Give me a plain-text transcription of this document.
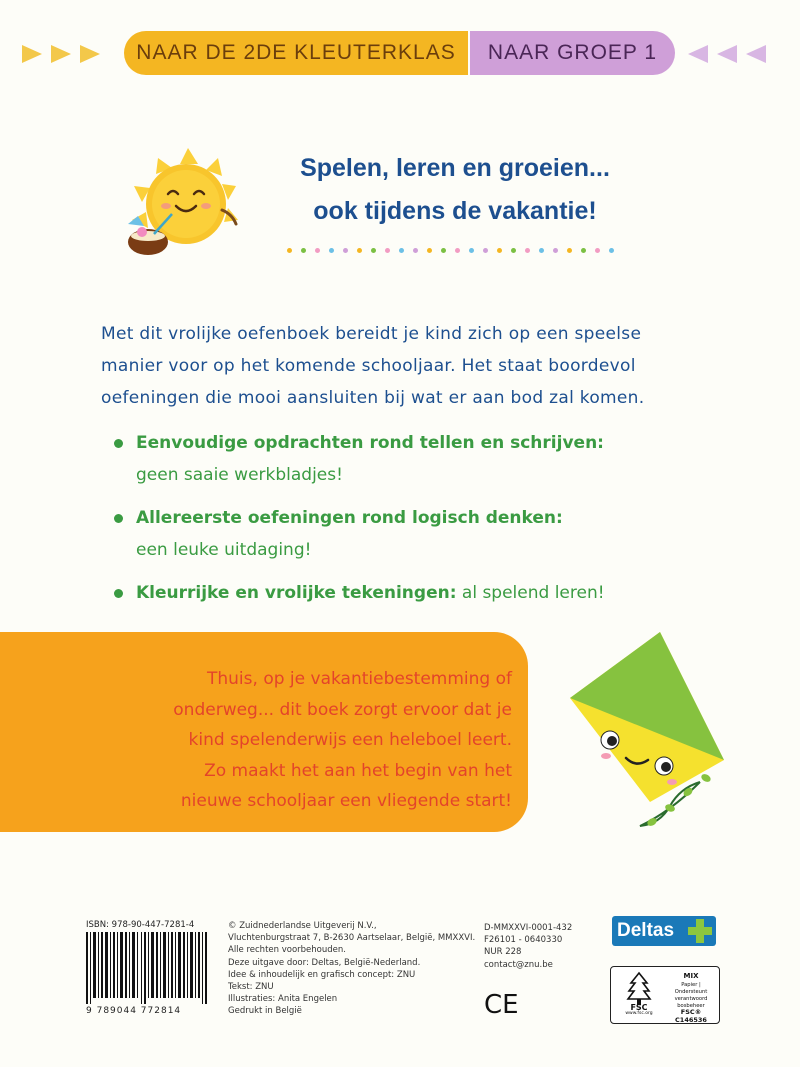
NAAR DE 2DE KLEUTERKLAS	NAAR GROEP 1
Spelen, leren en groeien...
ook tijdens de vakantie!
Met dit vrolijke oefenboek bereidt je kind zich op een speelse manier voor op het komende schooljaar. Het staat boordevol oefeningen die mooi aansluiten bij wat er aan bod zal komen.
Eenvoudige opdrachten rond tellen en schrijven:
geen saaie werkbladjes!
Allereerste oefeningen rond logisch denken:
een leuke uitdaging!
Kleurrijke en vrolijke tekeningen: al spelend leren!
Thuis, op je vakantiebestemming of
onderweg... dit boek zorgt ervoor dat je
kind spelenderwijs een heleboel leert.
Zo maakt het aan het begin van het
nieuwe schooljaar een vliegende start!
ISBN: 978-90-447-7281-4
9 789044 772814
© Zuidnederlandse Uitgeverij N.V.,
Vluchtenburgstraat 7, B-2630 Aartselaar, België, MMXXVI.
Alle rechten voorbehouden.
Deze uitgave door: Deltas, België-Nederland.
Idee & inhoudelijk en grafisch concept: ZNU
Tekst: ZNU
Illustraties: Anita Engelen
Gedrukt in België
D-MMXXVI-0001-432
F26101 - 0640330
NUR 228
contact@znu.be
CE
Deltas
FSC
www.fsc.org
MIX
Papier | Ondersteunt verantwoord bosbeheer
FSC® C146536
